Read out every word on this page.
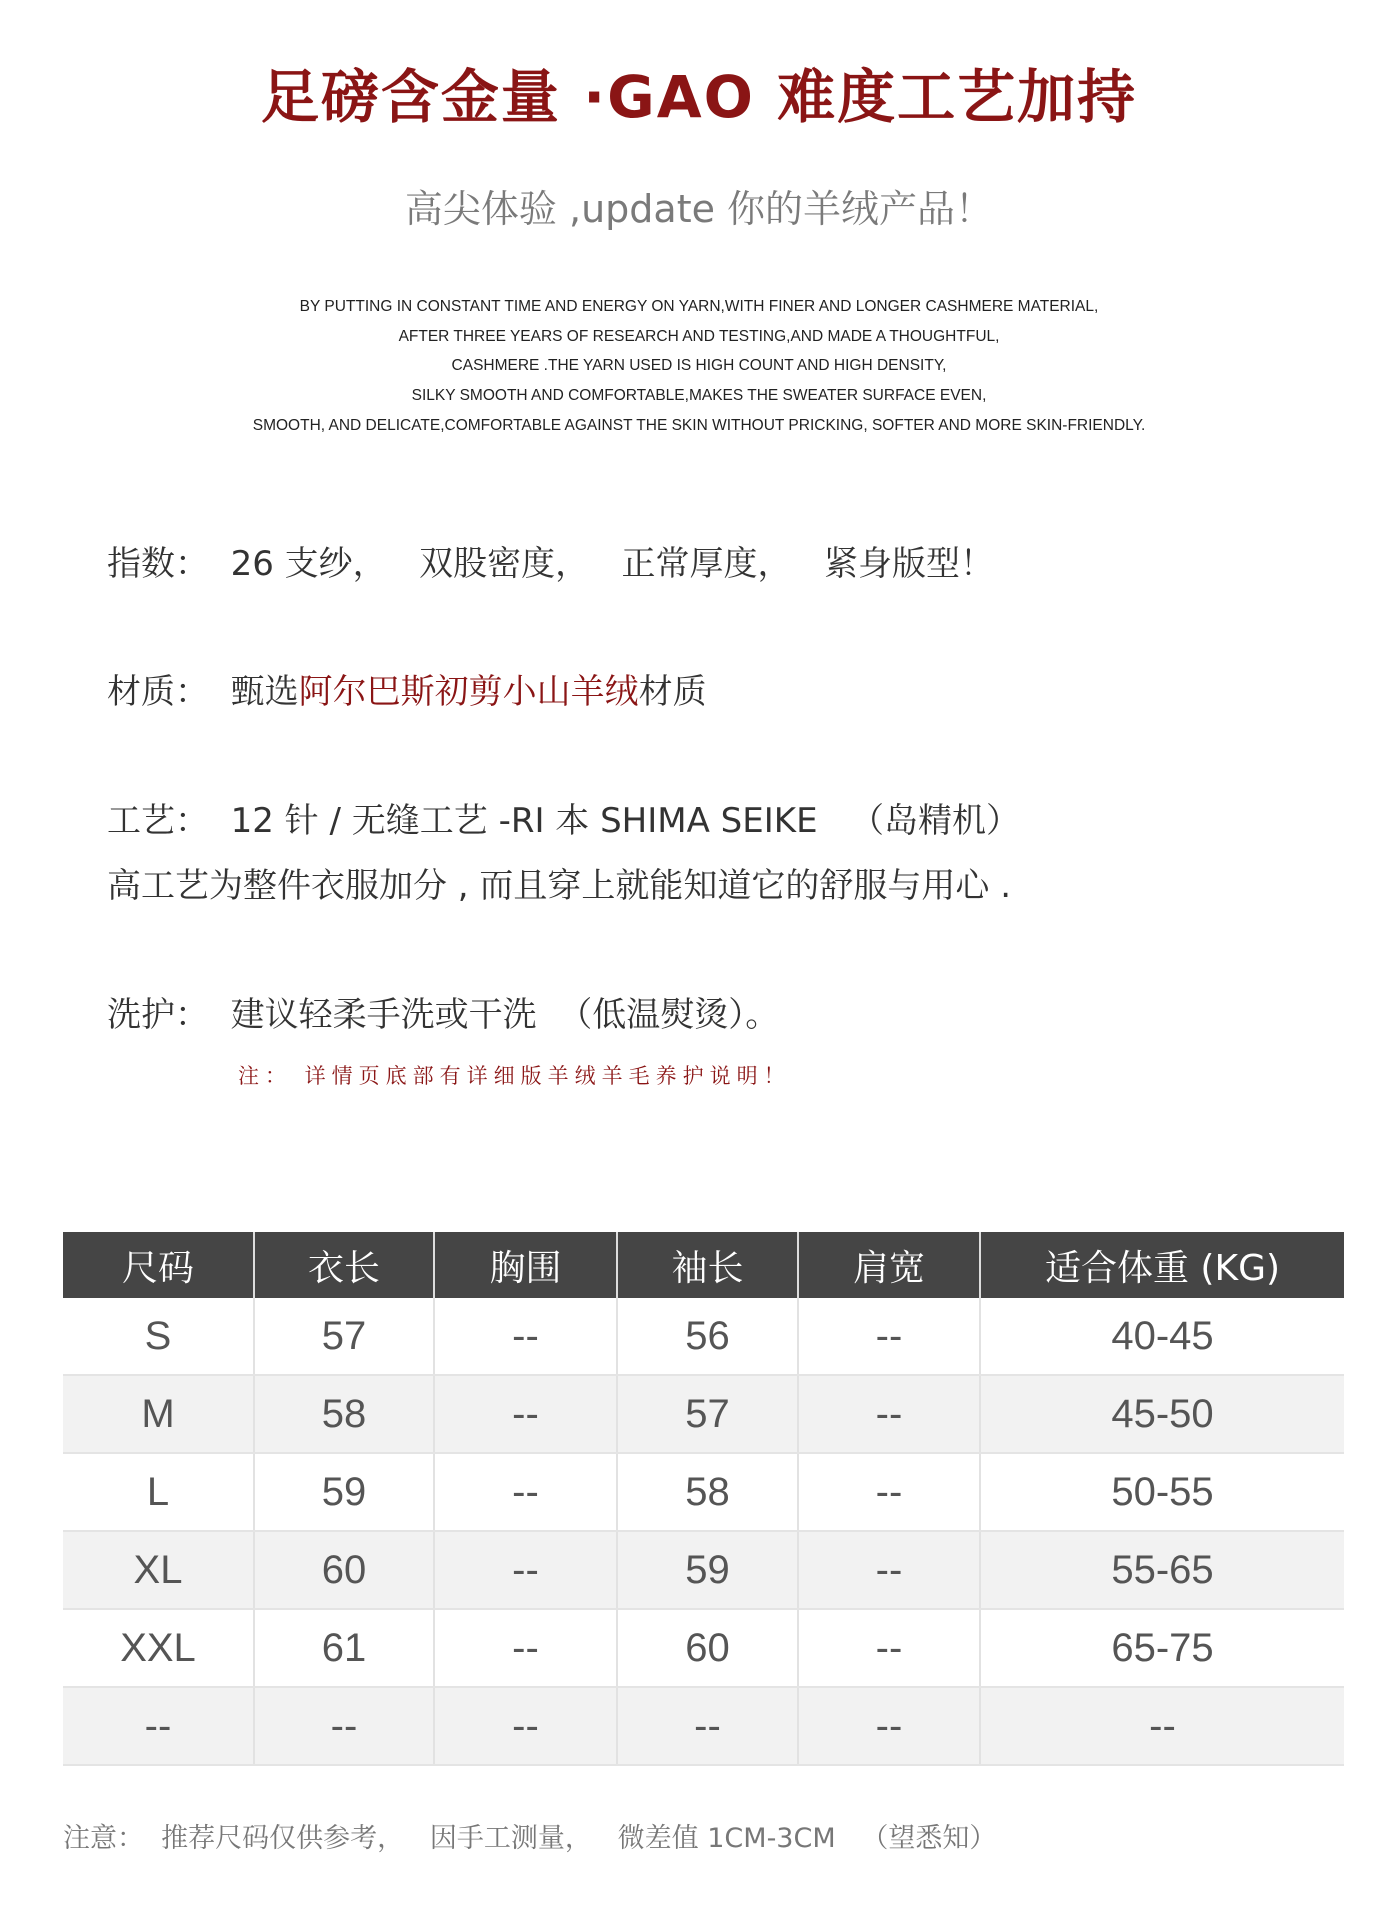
足磅含金量 ·GAO 难度工艺加持
高尖体验 ,update 你的羊绒产品！
BY PUTTING IN CONSTANT TIME AND ENERGY ON YARN,WITH FINER AND LONGER CASHMERE MATERIAL,
AFTER THREE YEARS OF RESEARCH AND TESTING,AND MADE A THOUGHTFUL,
CASHMERE .THE YARN USED IS HIGH COUNT AND HIGH DENSITY,
SILKY SMOOTH AND COMFORTABLE,MAKES THE SWEATER SURFACE EVEN,
SMOOTH, AND DELICATE,COMFORTABLE AGAINST THE SKIN WITHOUT PRICKING, SOFTER AND MORE SKIN-FRIENDLY.
指数：  26 支纱，   双股密度，   正常厚度，   紧身版型！
材质：  甄选阿尔巴斯初剪小山羊绒材质
工艺：  12 针 / 无缝工艺 -RI 本 SHIMA SEIKE   （岛精机）
高工艺为整件衣服加分 , 而且穿上就能知道它的舒服与用心 .
洗护：  建议轻柔手洗或干洗  （低温熨烫）。
注： 详情页底部有详细版羊绒羊毛养护说明！
尺码	衣长	胸围	袖长	肩宽	适合体重 (KG)
S	57	--	56	--	40-45
M	58	--	57	--	45-50
L	59	--	58	--	50-55
XL	60	--	59	--	55-65
XXL	61	--	60	--	65-75
--	--	--	--	--	--
注意：  推荐尺码仅供参考，   因手工测量，   微差值 1CM-3CM   （望悉知）
